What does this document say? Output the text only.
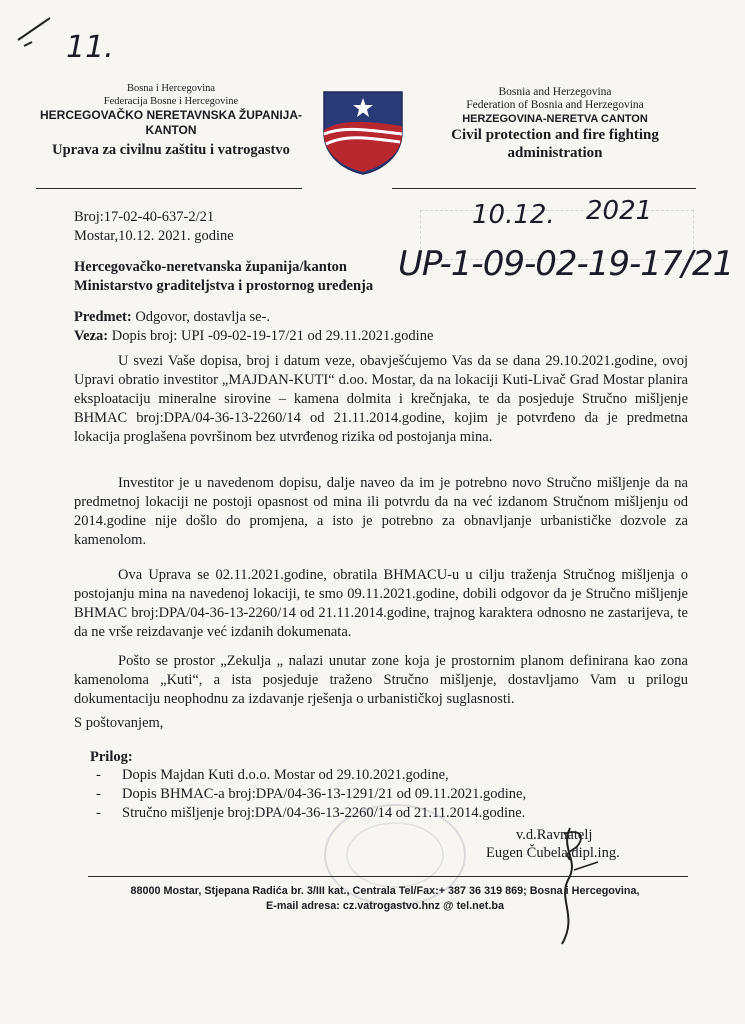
11.
Bosna i Hercegovina
Federacija Bosne i Hercegovine
HERCEGOVAČKO NERETAVNSKA ŽUPANIJA-
KANTON
Uprava za civilnu zaštitu i vatrogastvo
Bosnia and Herzegovina
Federation of Bosnia and Herzegovina
HERZEGOVINA-NERETVA CANTON
Civil protection and fire fighting
administration
10.12. 2021
UP-1-09-02-19-17/21
Broj:17-02-40-637-2/21
Mostar,10.12. 2021. godine
Hercegovačko-neretvanska županija/kanton
Ministarstvo graditeljstva i prostornog uređenja
Predmet: Odgovor, dostavlja se-.
Veza: Dopis broj: UPI -09-02-19-17/21 od 29.11.2021.godine
U svezi Vaše dopisa, broj i datum veze, obavješćujemo Vas da se dana 29.10.2021.godine, ovoj Upravi obratio investitor „MAJDAN-KUTI“ d.oo. Mostar, da na lokaciji Kuti-Livač Grad Mostar planira eksploataciju mineralne sirovine – kamena dolmita i krečnjaka, te da posjeduje Stručno mišljenje BHMAC broj:DPA/04-36-13-2260/14 od 21.11.2014.godine, kojim je potvrđeno da je predmetna lokacija proglašena površinom bez utvrđenog rizika od postojanja mina.
Investitor je u navedenom dopisu, dalje naveo da im je potrebno novo Stručno mišljenje da na predmetnoj lokaciji ne postoji opasnost od mina ili potvrdu da na već izdanom Stručnom mišljenju od 2014.godine nije došlo do promjena, a isto je potrebno za obnavljanje urbanističke dozvole za kamenolom.
Ova Uprava se 02.11.2021.godine, obratila BHMACU-u u cilju traženja Stručnog mišljenja o postojanju mina na navedenoj lokaciji, te smo 09.11.2021.godine, dobili odgovor da je Stručno mišljenje BHMAC broj:DPA/04-36-13-2260/14 od 21.11.2014.godine, trajnog karaktera odnosno ne zastarijeva, te da ne vrše reizdavanje već izdanih dokumenata.
Pošto se prostor „Zekulja „ nalazi unutar zone koja je prostornim planom definirana kao zona kamenoloma „Kuti“, a ista posjeduje traženo Stručno mišljenje, dostavljamo Vam u prilogu dokumentaciju neophodnu za izdavanje rješenja o urbanističkoj suglasnosti.
S poštovanjem,
Prilog:
- Dopis Majdan Kuti d.o.o. Mostar od 29.10.2021.godine,
- Dopis BHMAC-a broj:DPA/04-36-13-1291/21 od 09.11.2021.godine,
- Stručno mišljenje broj:DPA/04-36-13-2260/14 od 21.11.2014.godine.
v.d.Ravnatelj
Eugen Čubela,dipl.ing.
88000 Mostar, Stjepana Radića br. 3/III kat., Centrala Tel/Fax:+ 387 36 319 869; Bosna i Hercegovina,
E-mail adresa: cz.vatrogastvo.hnz @ tel.net.ba
